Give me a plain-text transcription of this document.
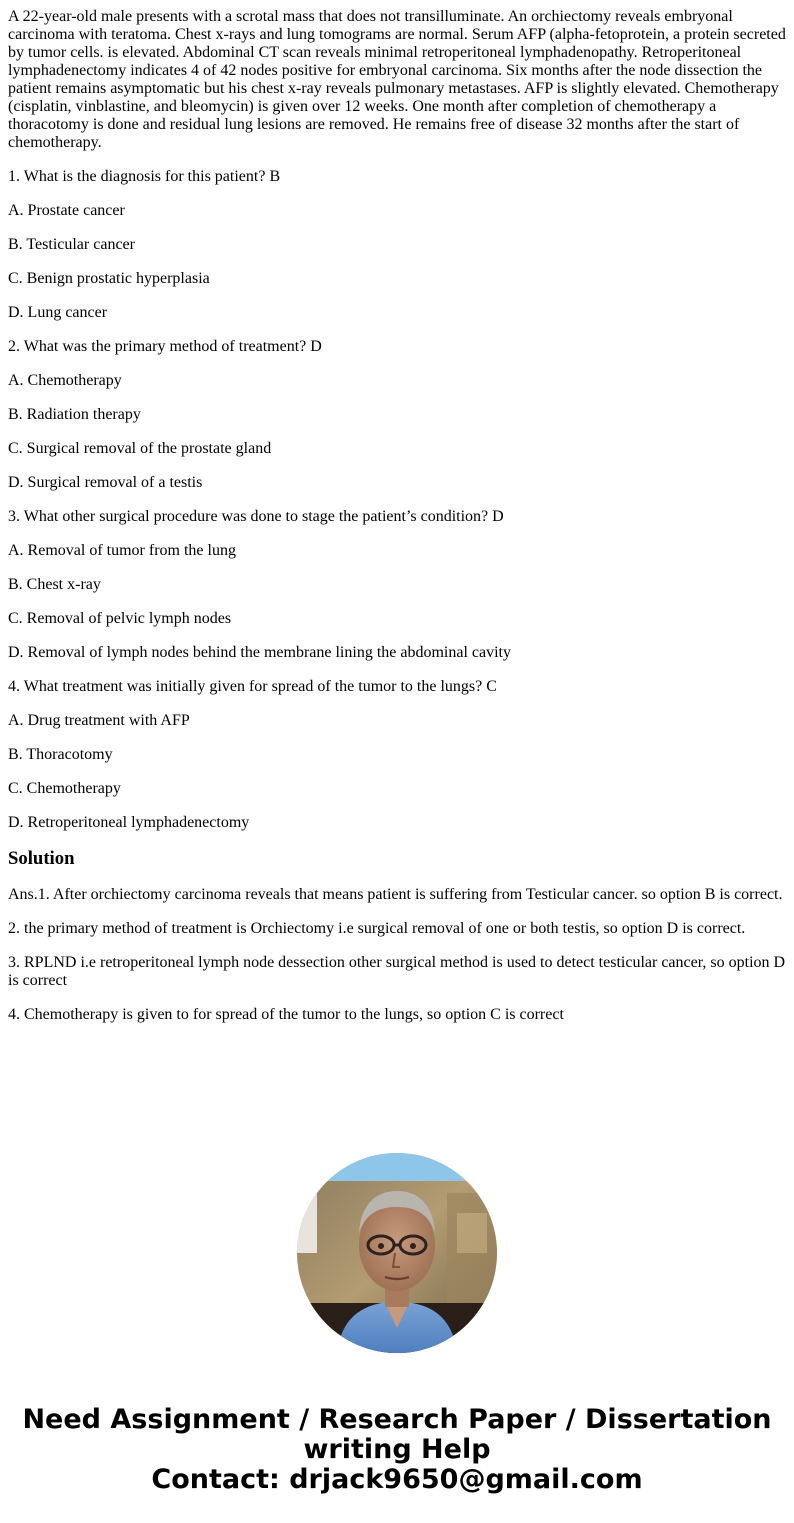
A 22-year-old male presents with a scrotal mass that does not transilluminate. An orchiectomy reveals embryonal carcinoma with teratoma. Chest x-rays and lung tomograms are normal. Serum AFP (alpha-fetoprotein, a protein secreted by tumor cells. is elevated. Abdominal CT scan reveals minimal retroperitoneal lymphadenopathy. Retroperitoneal lymphadenectomy indicates 4 of 42 nodes positive for embryonal carcinoma. Six months after the node dissection the patient remains asymptomatic but his chest x-ray reveals pulmonary metastases. AFP is slightly elevated. Chemotherapy (cisplatin, vinblastine, and bleomycin) is given over 12 weeks. One month after completion of chemotherapy a thoracotomy is done and residual lung lesions are removed. He remains free of disease 32 months after the start of chemotherapy.

1. What is the diagnosis for this patient? B

A. Prostate cancer

B. Testicular cancer

C. Benign prostatic hyperplasia

D. Lung cancer

2. What was the primary method of treatment? D

A. Chemotherapy

B. Radiation therapy

C. Surgical removal of the prostate gland

D. Surgical removal of a testis

3. What other surgical procedure was done to stage the patient’s condition? D

A. Removal of tumor from the lung

B. Chest x-ray

C. Removal of pelvic lymph nodes

D. Removal of lymph nodes behind the membrane lining the abdominal cavity

4. What treatment was initially given for spread of the tumor to the lungs? C

A. Drug treatment with AFP

B. Thoracotomy

C. Chemotherapy

D. Retroperitoneal lymphadenectomy

Solution

Ans.1. After orchiectomy carcinoma reveals that means patient is suffering from Testicular cancer. so option B is correct.

2. the primary method of treatment is Orchiectomy i.e surgical removal of one or both testis, so option D is correct.

3. RPLND i.e retroperitoneal lymph node dessection other surgical method is used to detect testicular cancer, so option D is correct

4. Chemotherapy is given to for spread of the tumor to the lungs, so option C is correct

Need Assignment / Research Paper / Dissertation
writing Help
Contact: drjack9650@gmail.com
